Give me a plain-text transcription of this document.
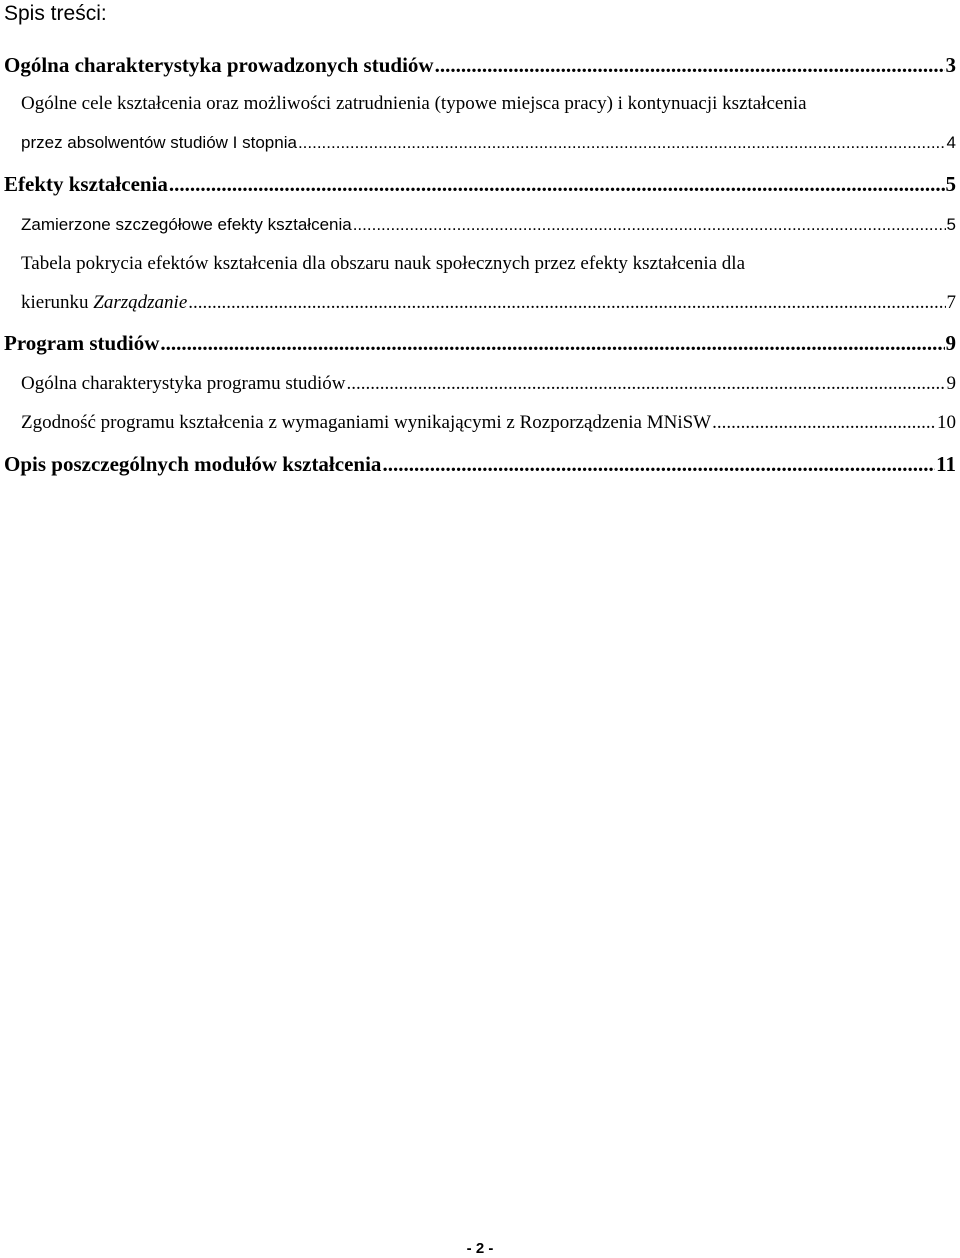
Spis treści:
Ogólna charakterystyka prowadzonych studiów .....	3
Ogólne cele kształcenia oraz możliwości zatrudnienia (typowe miejsca pracy) i kontynuacji kształcenia
przez absolwentów studiów I stopnia .....	4
Efekty kształcenia .....	5
Zamierzone szczegółowe efekty kształcenia .....	5
Tabela pokrycia efektów kształcenia dla obszaru nauk społecznych przez efekty kształcenia dla
kierunku Zarządzanie .....	7
Program studiów .....	9
Ogólna charakterystyka programu studiów .....	9
Zgodność programu kształcenia z wymaganiami wynikającymi z Rozporządzenia MNiSW .....	10
Opis poszczególnych modułów kształcenia .....	11
- 2 -
